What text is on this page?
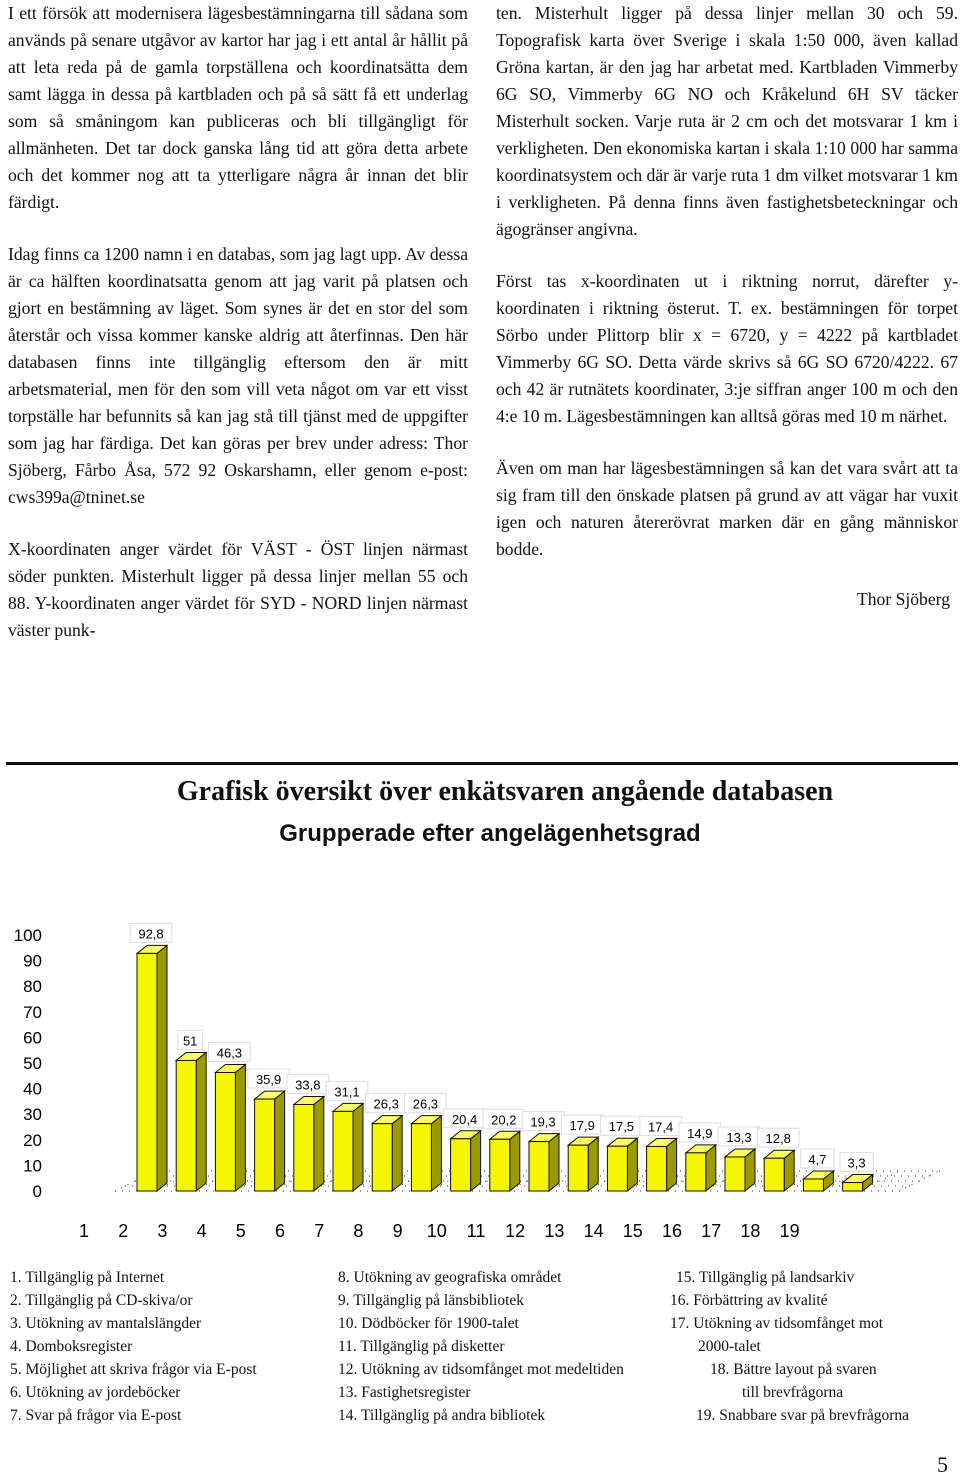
I ett försök att modernisera lägesbestämningarna till sådana som används på senare utgåvor av kartor har jag i ett antal år hållit på att leta reda på de gamla torpställena och koordinatsätta dem samt lägga in dessa på kartbladen och på så sätt få ett underlag som så småningom kan publiceras och bli tillgängligt för allmänheten. Det tar dock ganska lång tid att göra detta arbete och det kommer nog att ta ytterligare några år innan det blir färdigt.

Idag finns ca 1200 namn i en databas, som jag lagt upp. Av dessa är ca hälften koordinatsatta genom att jag varit på platsen och gjort en bestämning av läget. Som synes är det en stor del som återstår och vissa kommer kanske aldrig att återfinnas. Den här databasen finns inte tillgänglig eftersom den är mitt arbetsmaterial, men för den som vill veta något om var ett visst torpställe har befunnits så kan jag stå till tjänst med de uppgifter som jag har färdiga. Det kan göras per brev under adress: Thor Sjöberg, Fårbo Åsa, 572 92 Oskarshamn, eller genom e-post: cws399a@tninet.se

X-koordinaten anger värdet för VÄST - ÖST linjen närmast söder punkten. Misterhult ligger på dessa linjer mellan 55 och 88. Y-koordinaten anger värdet för SYD - NORD linjen närmast väster punk-

ten. Misterhult ligger på dessa linjer mellan 30 och 59. Topografisk karta över Sverige i skala 1:50 000, även kallad Gröna kartan, är den jag har arbetat med. Kartbladen Vimmerby 6G SO, Vimmerby 6G NO och Kråkelund 6H SV täcker Misterhult socken. Varje ruta är 2 cm och det motsvarar 1 km i verkligheten. Den ekonomiska kartan i skala 1:10 000 har samma koordinatsystem och där är varje ruta 1 dm vilket motsvarar 1 km i verkligheten. På denna finns även fastighetsbeteckningar och ägogränser angivna.

Först tas x-koordinaten ut i riktning norrut, därefter y-koordinaten i riktning österut. T. ex. bestämningen för torpet Sörbo under Plittorp blir x = 6720, y = 4222 på kartbladet Vimmerby 6G SO. Detta värde skrivs så 6G SO 6720/4222. 67 och 42 är rutnätets koordinater, 3:je siffran anger 100 m och den 4:e 10 m. Lägesbestämningen kan alltså göras med 10 m närhet.

Även om man har lägesbestämningen så kan det vara svårt att ta sig fram till den önskade platsen på grund av att vägar har vuxit igen och naturen återerövrat marken där en gång människor bodde.

Thor Sjöberg
Grafisk översikt över enkätsvaren angående databasen
Grupperade efter angelägenhetsgrad
0
10
20
30
40
50
60
70
80
90
100	92,8
1
51
2
46,3
3
35,9
4
33,8
5
31,1
6
26,3
7
26,3
8
20,4
9
20,2
10
19,3
11
17,9
12
17,5
13
17,4
14
14,9
15
13,3
16
12,8
17
4,7
18
3,3
19
1. Tillgänglig på Internet
2. Tillgänglig på CD-skiva/or
3. Utökning av mantalslängder
4. Domboksregister
5. Möjlighet att skriva frågor via E-post
6. Utökning av jordeböcker
7. Svar på frågor via E-post
8. Utökning av geografiska området
9. Tillgänglig på länsbibliotek
10. Dödböcker för 1900-talet
11. Tillgänglig på disketter
12. Utökning av tidsomfånget mot medeltiden
13. Fastighetsregister
14. Tillgänglig på andra bibliotek
15. Tillgänglig på landsarkiv
16. Förbättring av kvalité
17. Utökning av tidsomfånget mot
2000-talet
18. Bättre layout på svaren
till brevfrågorna
19. Snabbare svar på brevfrågorna
5
